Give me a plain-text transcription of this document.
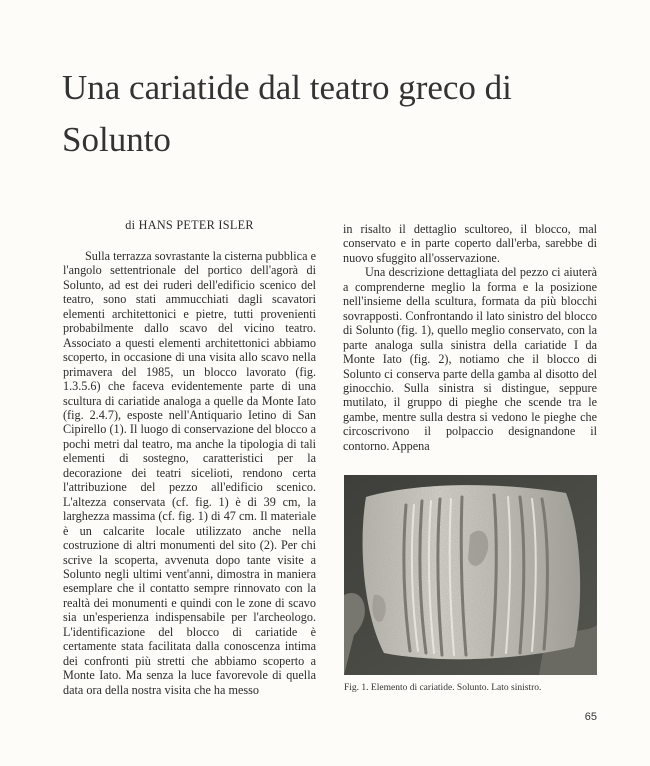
Una cariatide dal teatro greco di Solunto
di HANS PETER ISLER

Sulla terrazza sovrastante la cisterna pubblica e l'angolo settentrionale del portico dell'agorà di Solunto, ad est dei ruderi dell'edificio scenico del teatro, sono stati ammucchiati dagli scavatori elementi architettonici e pietre, tutti provenienti probabilmente dallo scavo del vicino teatro. Associato a questi elementi architettonici abbiamo scoperto, in occasione di una visita allo scavo nella primavera del 1985, un blocco lavorato (fig. 1.3.5.6) che faceva evidentemente parte di una scultura di cariatide analoga a quelle da Monte Iato (fig. 2.4.7), esposte nell'Antiquario Ietino di San Cipirello (1). Il luogo di conservazione del blocco a pochi metri dal teatro, ma anche la tipologia di tali elementi di sostegno, caratteristici per la decorazione dei teatri sicelioti, rendono certa l'attribuzione del pezzo all'edificio scenico. L'altezza conservata (cf. fig. 1) è di 39 cm, la larghezza massima (cf. fig. 1) di 47 cm. Il materiale è un calcarite locale utilizzato anche nella costruzione di altri monumenti del sito (2). Per chi scrive la scoperta, avvenuta dopo tante visite a Solunto negli ultimi vent'anni, dimostra in maniera esemplare che il contatto sempre rinnovato con la realtà dei monumenti e quindi con le zone di scavo sia un'esperienza indispensabile per l'archeologo. L'identificazione del blocco di cariatide è certamente stata facilitata dalla conoscenza intima dei confronti più stretti che abbiamo scoperto a Monte Iato. Ma senza la luce favorevole di quella data ora della nostra visita che ha messo

in risalto il dettaglio scultoreo, il blocco, mal conservato e in parte coperto dall'erba, sarebbe di nuovo sfuggito all'osservazione.

Una descrizione dettagliata del pezzo ci aiuterà a comprenderne meglio la forma e la posizione nell'insieme della scultura, formata da più blocchi sovrapposti. Confrontando il lato sinistro del blocco di Solunto (fig. 1), quello meglio conservato, con la parte analoga sulla sinistra della cariatide I da Monte Iato (fig. 2), notiamo che il blocco di Solunto ci conserva parte della gamba al disotto del ginocchio. Sulla sinistra si distingue, seppure mutilato, il gruppo di pieghe che scende tra le gambe, mentre sulla destra si vedono le pieghe che circoscrivono il polpaccio designandone il contorno. Appena

Fig. 1. Elemento di cariatide. Solunto. Lato sinistro.
65
